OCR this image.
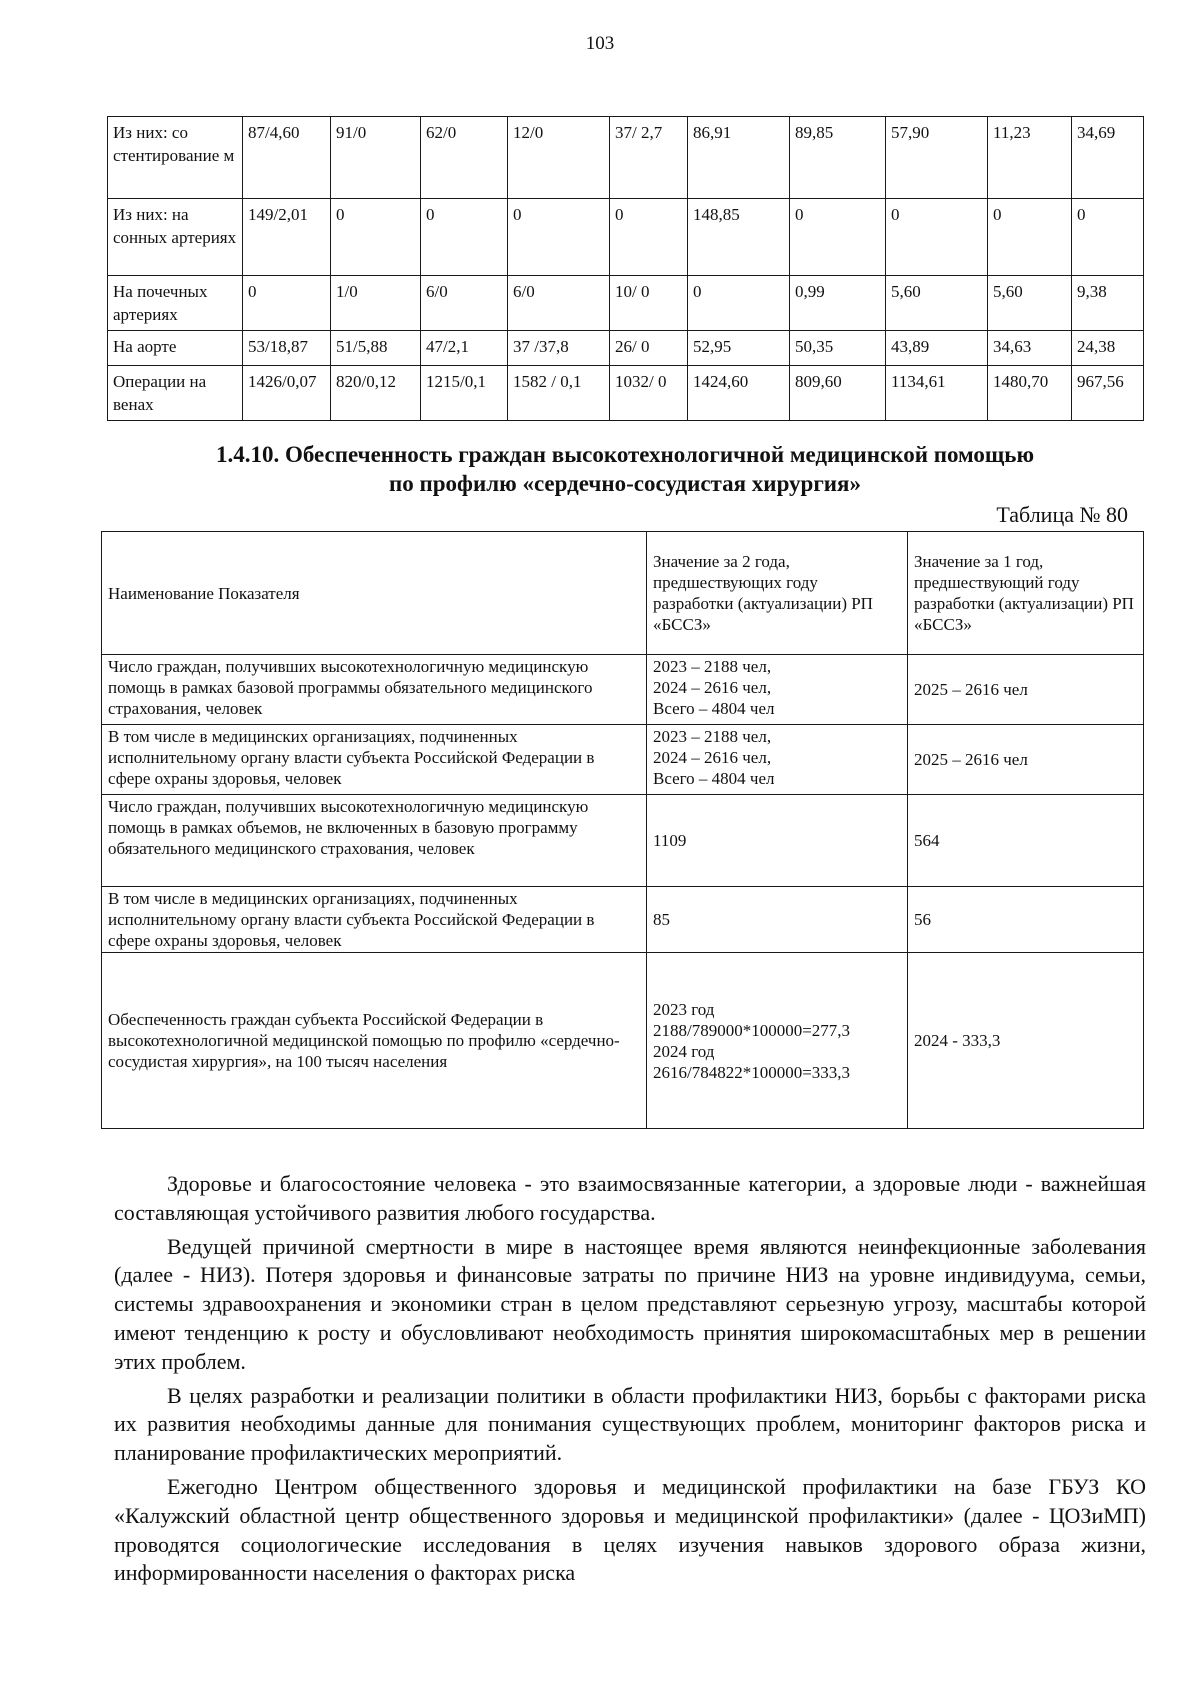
103
Из них: со стентирование м	87/4,60	91/0	62/0	12/0	37/ 2,7	86,91	89,85	57,90	11,23	34,69
Из них: на сонных артериях	149/2,01	0	0	0	0	148,85	0	0	0	0
На почечных артериях	0	1/0	6/0	6/0	10/ 0	0	0,99	5,60	5,60	9,38
На аорте	53/18,87	51/5,88	47/2,1	37 /37,8	26/ 0	52,95	50,35	43,89	34,63	24,38
Операции на венах	1426/0,07	820/0,12	1215/0,1	1582 / 0,1	1032/ 0	1424,60	809,60	1134,61	1480,70	967,56
1.4.10. Обеспеченность граждан высокотехнологичной медицинской помощью
по профилю «сердечно-сосудистая хирургия»
Таблица № 80
Наименование Показателя	Значение за 2 года, предшествующих году разработки (актуализации) РП «БССЗ»	Значение за 1 год, предшествующий году разработки (актуализации) РП «БССЗ»
Число граждан, получивших высокотехнологичную медицинскую помощь в рамках базовой программы обязательного медицинского страхования, человек	2023 – 2188 чел,
2024 – 2616 чел,
Всего – 4804 чел	2025 – 2616 чел
В том числе в медицинских организациях, подчиненных исполнительному органу власти субъекта Российской Федерации в сфере охраны здоровья, человек	2023 – 2188 чел,
2024 – 2616 чел,
Всего – 4804 чел	2025 – 2616 чел
Число граждан, получивших высокотехнологичную медицинскую помощь в рамках объемов, не включенных в базовую программу обязательного медицинского страхования, человек	1109	564
В том числе в медицинских организациях, подчиненных исполнительному органу власти субъекта Российской Федерации в сфере охраны здоровья, человек	85	56
Обеспеченность граждан субъекта Российской Федерации в высокотехнологичной медицинской помощью по профилю «сердечно-сосудистая хирургия», на 100 тысяч населения	2023 год
2188/789000*100000=277,3
2024 год
2616/784822*100000=333,3	2024 - 333,3

Здоровье и благосостояние человека - это взаимосвязанные категории, а здоровые люди - важнейшая составляющая устойчивого развития любого государства.

Ведущей причиной смертности в мире в настоящее время являются неинфекционные заболевания (далее - НИЗ). Потеря здоровья и финансовые затраты по причине НИЗ на уровне индивидуума, семьи, системы здравоохранения и экономики стран в целом представляют серьезную угрозу, масштабы которой имеют тенденцию к росту и обусловливают необходимость принятия широкомасштабных мер в решении этих проблем.

В целях разработки и реализации политики в области профилактики НИЗ, борьбы с факторами риска их развития необходимы данные для понимания существующих проблем, мониторинг факторов риска и планирование профилактических мероприятий.

Ежегодно Центром общественного здоровья и медицинской профилактики на базе ГБУЗ КО «Калужский областной центр общественного здоровья и медицинской профилактики» (далее - ЦОЗиМП) проводятся социологические исследования в целях изучения навыков здорового образа жизни, информированности населения о факторах риска
